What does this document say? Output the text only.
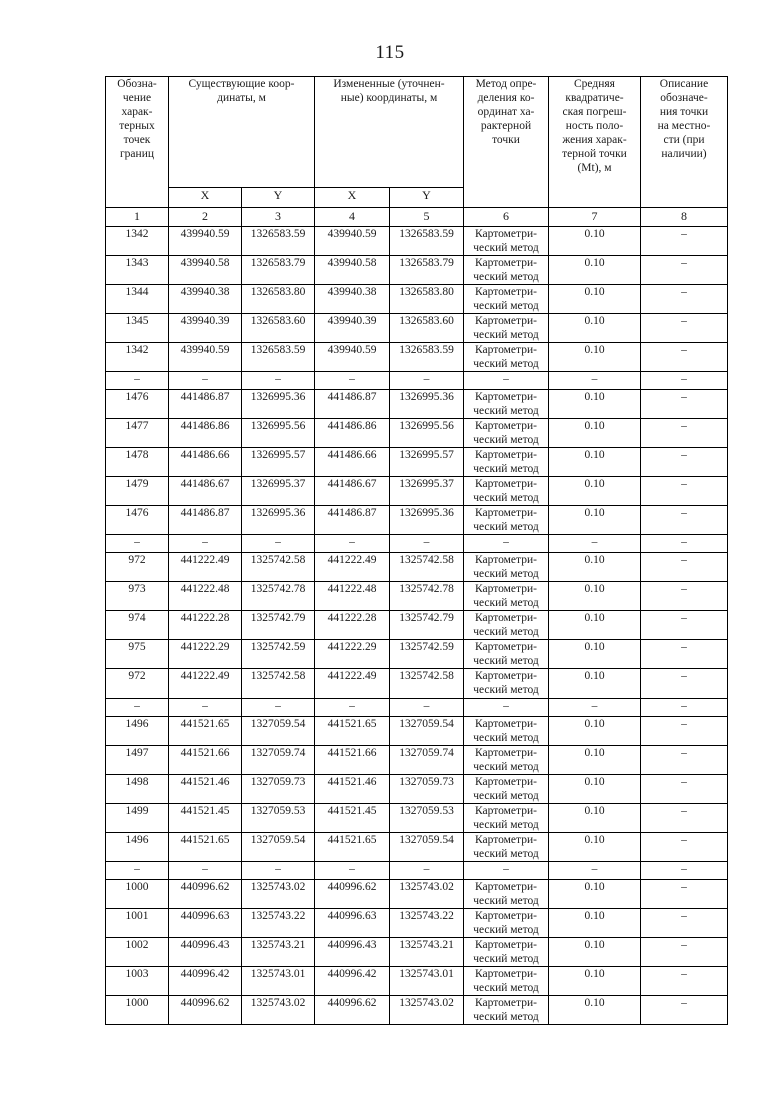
115
Обозна-
чение
харак-
терных
точек
границ

Существующие коор-
динаты, м

Измененные (уточнен-
ные) координаты, м

Метод опре-
деления ко-
ординат ха-
рактерной
точки

Средняя
квадратиче-
ская погреш-
ность поло-
жения харак-
терной точки
(Mt), м

Описание
обозначе-
ния точки
на местно-
сти (при
наличии)

	X	Y	X	Y			
1	2	3	4	5	6	7	8
1342	439940.59	1326583.59	439940.59	1326583.59	Картометри-
ческий метод	0.10	–
1343	439940.58	1326583.79	439940.58	1326583.79	Картометри-
ческий метод	0.10	–
1344	439940.38	1326583.80	439940.38	1326583.80	Картометри-
ческий метод	0.10	–
1345	439940.39	1326583.60	439940.39	1326583.60	Картометри-
ческий метод	0.10	–
1342	439940.59	1326583.59	439940.59	1326583.59	Картометри-
ческий метод	0.10	–
–	–	–	–	–	–	–	–
1476	441486.87	1326995.36	441486.87	1326995.36	Картометри-
ческий метод	0.10	–
1477	441486.86	1326995.56	441486.86	1326995.56	Картометри-
ческий метод	0.10	–
1478	441486.66	1326995.57	441486.66	1326995.57	Картометри-
ческий метод	0.10	–
1479	441486.67	1326995.37	441486.67	1326995.37	Картометри-
ческий метод	0.10	–
1476	441486.87	1326995.36	441486.87	1326995.36	Картометри-
ческий метод	0.10	–
–	–	–	–	–	–	–	–
972	441222.49	1325742.58	441222.49	1325742.58	Картометри-
ческий метод	0.10	–
973	441222.48	1325742.78	441222.48	1325742.78	Картометри-
ческий метод	0.10	–
974	441222.28	1325742.79	441222.28	1325742.79	Картометри-
ческий метод	0.10	–
975	441222.29	1325742.59	441222.29	1325742.59	Картометри-
ческий метод	0.10	–
972	441222.49	1325742.58	441222.49	1325742.58	Картометри-
ческий метод	0.10	–
–	–	–	–	–	–	–	–
1496	441521.65	1327059.54	441521.65	1327059.54	Картометри-
ческий метод	0.10	–
1497	441521.66	1327059.74	441521.66	1327059.74	Картометри-
ческий метод	0.10	–
1498	441521.46	1327059.73	441521.46	1327059.73	Картометри-
ческий метод	0.10	–
1499	441521.45	1327059.53	441521.45	1327059.53	Картометри-
ческий метод	0.10	–
1496	441521.65	1327059.54	441521.65	1327059.54	Картометри-
ческий метод	0.10	–
–	–	–	–	–	–	–	–
1000	440996.62	1325743.02	440996.62	1325743.02	Картометри-
ческий метод	0.10	–
1001	440996.63	1325743.22	440996.63	1325743.22	Картометри-
ческий метод	0.10	–
1002	440996.43	1325743.21	440996.43	1325743.21	Картометри-
ческий метод	0.10	–
1003	440996.42	1325743.01	440996.42	1325743.01	Картометри-
ческий метод	0.10	–
1000	440996.62	1325743.02	440996.62	1325743.02	Картометри-
ческий метод	0.10	–
